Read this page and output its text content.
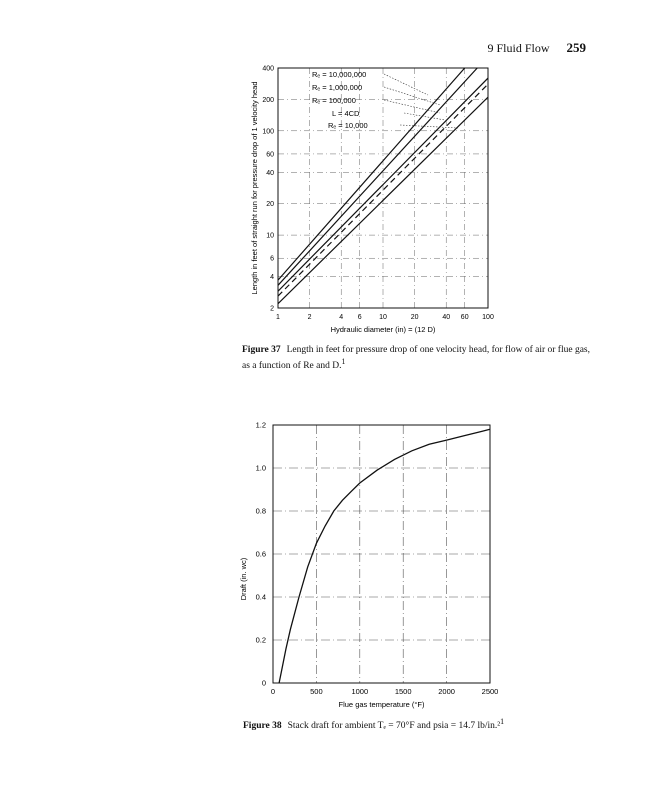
9 Fluid Flow 259
1	2	4 6 10	20	40 60 100
2
4
6
10
20
40
60
100
200
400
Rₑ = 10,000,000
Rₑ = 1,000,000
Rₑ = 100,000
L = 4CD
Rₑ = 10,000
Hydraulic diameter (in) = (12 D)
Length in feet of straight run for pressure drop of 1 velocity head
0	500	1000	1500	2000	2500
0
0.2
0.4
0.6
0.8
1.0
1.2
Flue gas temperature (°F)
Draft (in. wc)
Figure 37 Length in feet for pressure drop of one velocity head, for flow of air or flue gas, as a function of Re and D.$^1$
Figure 38 Stack draft for ambient Tₑ = 70°F and psia = 14.7 lb/in.²$^1$
